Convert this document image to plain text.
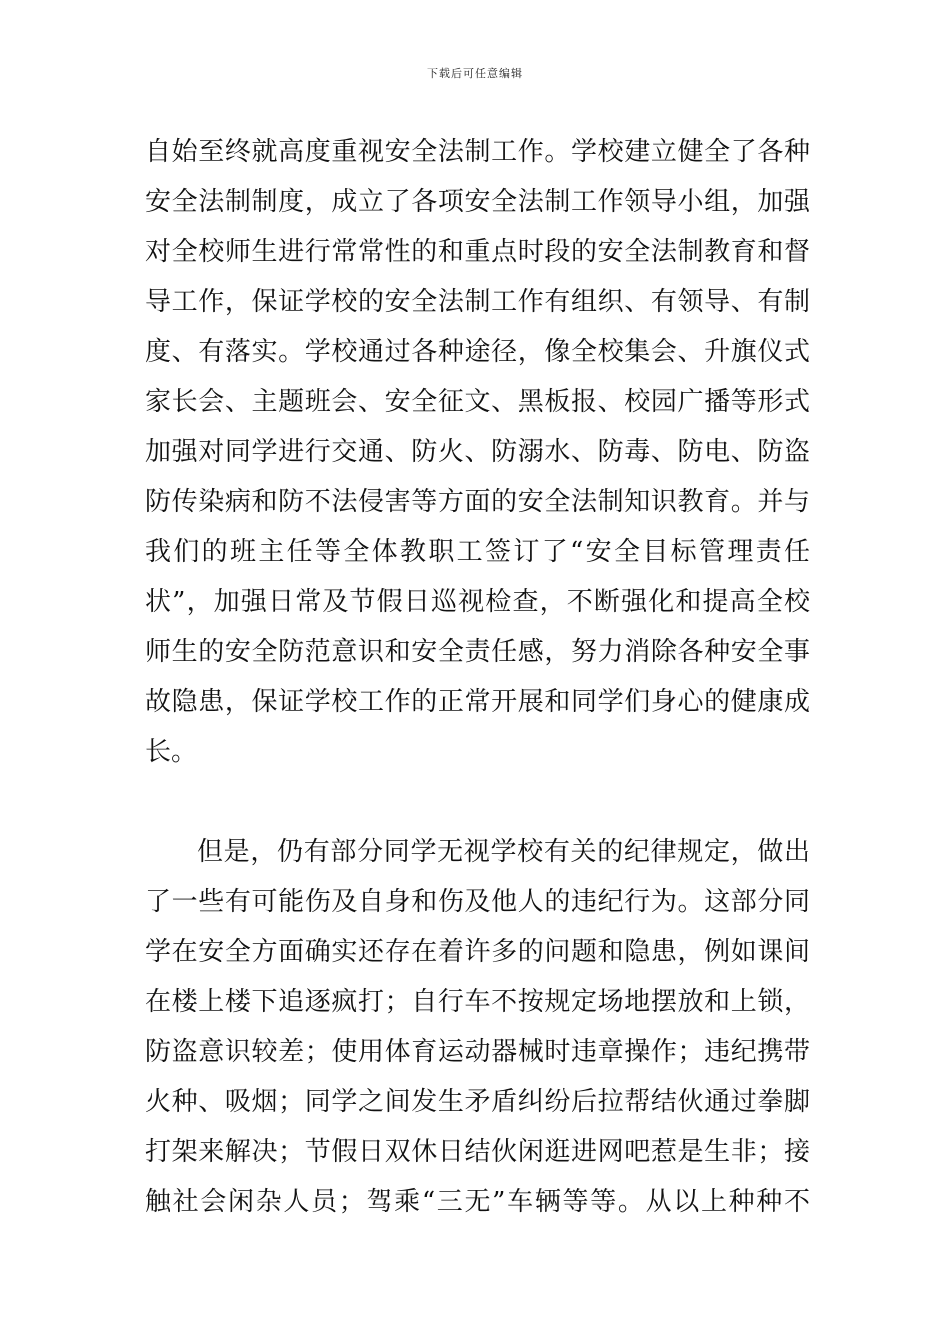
下载后可任意编辑
自始至终就高度重视安全法制工作。学校建立健全了各种
安全法制制度，成立了各项安全法制工作领导小组，加强
对全校师生进行常常性的和重点时段的安全法制教育和督
导工作，保证学校的安全法制工作有组织、有领导、有制
度、有落实。学校通过各种途径，像全校集会、升旗仪式
家长会、主题班会、安全征文、黑板报、校园广播等形式
加强对同学进行交通、防火、防溺水、防毒、防电、防盗
防传染病和防不法侵害等方面的安全法制知识教育。并与
我们的班主任等全体教职工签订了“安全目标管理责任
状”，加强日常及节假日巡视检查，不断强化和提高全校
师生的安全防范意识和安全责任感，努力消除各种安全事
故隐患，保证学校工作的正常开展和同学们身心的健康成
长。
但是，仍有部分同学无视学校有关的纪律规定，做出
了一些有可能伤及自身和伤及他人的违纪行为。这部分同
学在安全方面确实还存在着许多的问题和隐患，例如课间
在楼上楼下追逐疯打；自行车不按规定场地摆放和上锁，
防盗意识较差；使用体育运动器械时违章操作；违纪携带
火种、吸烟；同学之间发生矛盾纠纷后拉帮结伙通过拳脚
打架来解决；节假日双休日结伙闲逛进网吧惹是生非；接
触社会闲杂人员；驾乘“三无”车辆等等。从以上种种不
